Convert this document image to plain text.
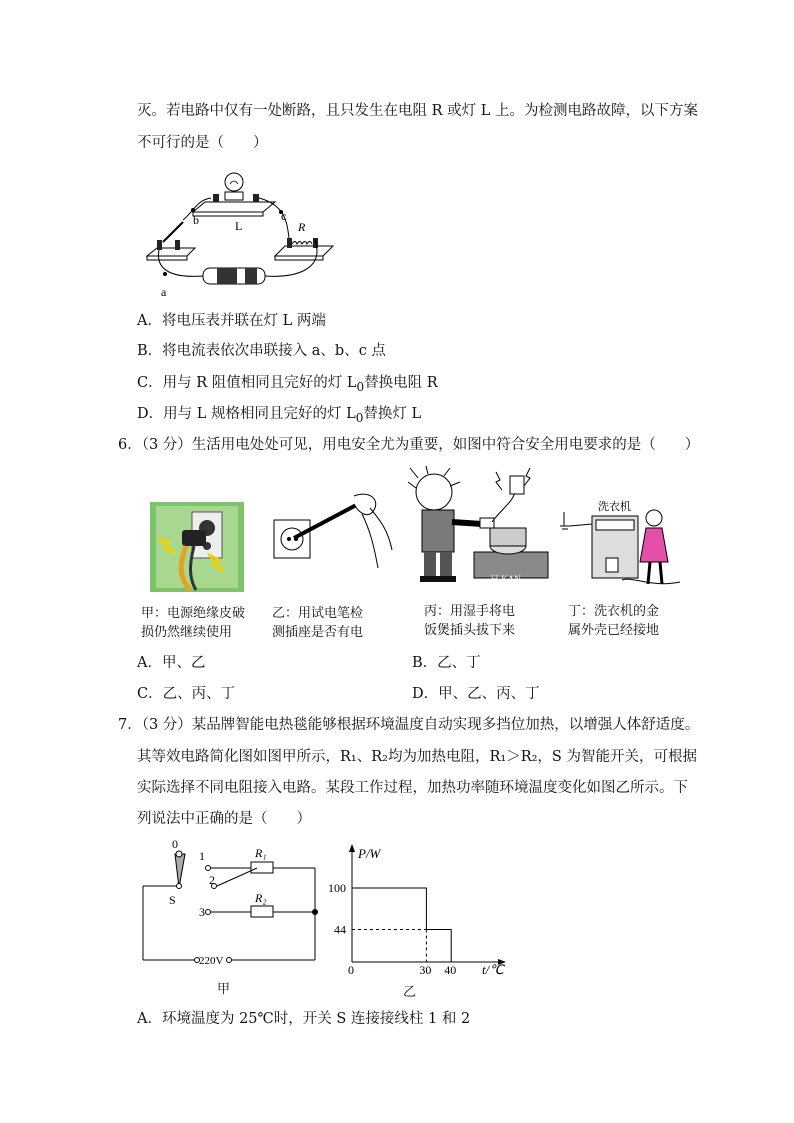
灭。若电路中仅有一处断路，且只发生在电阻 R 或灯 L 上。为检测电路故障，以下方案
不可行的是（　　）
b	c
L	R
a
A．将电压表并联在灯 L 两端
B．将电流表依次串联接入 a、b、c 点
C．用与 R 阻值相同且完好的灯 $L_0$替换电阻 R
D．用与 L 规格相同且完好的灯 $L_0$替换灯 L
6．（3 分）生活用电处处可见，用电安全尤为重要，如图中符合安全用电要求的是（　　）
日 KAN
洗衣机
甲：电源绝缘皮破
损仍然继续使用
乙：用试电笔检
测插座是否有电
丙：用湿手将电
饭煲插头拔下来
丁：洗衣机的金
属外壳已经接地
A．甲、乙	B．乙、丁
C．乙、丙、丁	D．甲、乙、丙、丁
7．（3 分）某品牌智能电热毯能够根据环境温度自动实现多挡位加热，以增强人体舒适度。
其等效电路简化图如图甲所示，R₁、R₂均为加热电阻，R₁＞R₂，S 为智能开关，可根据
实际选择不同电阻接入电路。某段工作过程，加热功率随环境温度变化如图乙所示。下
列说法中正确的是（　　）
0
1
2
3
S
R₁
R₂
220V
甲
P/W
t/℃
0
100
44
30 40
乙
A．环境温度为 25℃时，开关 S 连接接线柱 1 和 2
